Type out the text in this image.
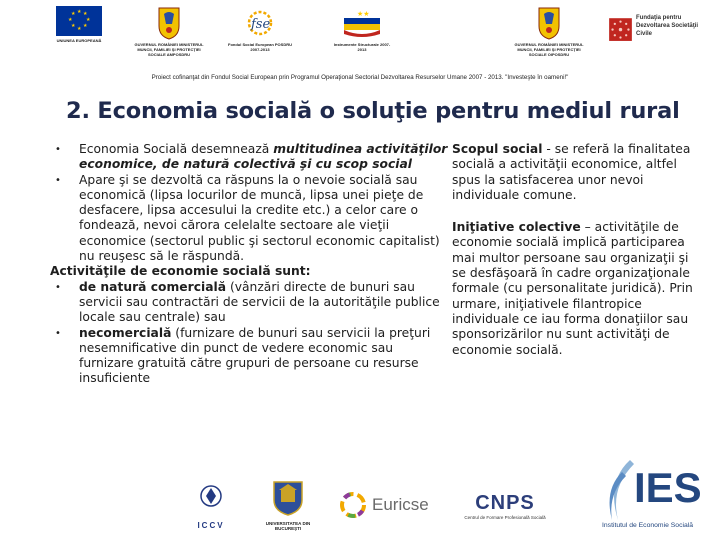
★ ★
★
★
★
★
★
★
UNIUNEA EUROPEANĂ
GUVERNUL ROMÂNIEI MINISTERUL MUNCII, FAMILIEI ŞI PROTECŢIEI SOCIALE AMPOSDRU
fse
Fondul Social European POSDRU 2007-2013
★★
Instrumente Structurale 2007-2013
GUVERNUL ROMÂNIEI MINISTERUL MUNCII, FAMILIEI ŞI PROTECŢIEI SOCIALE OIPOSDRU
Fundaţia pentru Dezvoltarea Societăţii Civile
Proiect cofinanţat din Fondul Social European prin Programul Operaţional Sectorial Dezvoltarea Resurselor Umane 2007 - 2013. "Investeşte în oameni!"
2. Economia socială o soluţie pentru mediul rural
• Economia Socială desemnează multitudinea activităţilor economice, de natură colectivă şi cu scop social
• Apare şi se dezvoltă ca răspuns la o nevoie socială sau economică (lipsa locurilor de muncă, lipsa unei pieţe de desfacere, lipsa accesului la credite etc.) a celor care o fondează, nevoi cărora celelalte sectoare ale vieţii economice (sectorul public şi sectorul economic capitalist) nu reuşesc să le răspundă.
Activităţile de economie socială sunt:
• de natură comercială (vânzări directe de bunuri sau servicii sau contractări de servicii de la autorităţile publice locale sau centrale) sau
• necomercială (furnizare de bunuri sau servicii la preţuri nesemnificative din punct de vedere economic sau furnizare gratuită către grupuri de persoane cu resurse insuficiente
Scopul social - se referă la finalitatea socială a activităţii economice, altfel spus la satisfacerea unor nevoi individuale comune.
Iniţiative colective – activităţile de economie socială implică participarea mai multor persoane sau organizaţii şi se desfăşoară în cadre organizaţionale formale (cu personalitate juridică). Prin urmare, iniţiativele filantropice individuale ce iau forma donaţiilor sau sponsorizărilor nu sunt activităţi de economie socială.
ICCV	UNIVERSITATEA DIN BUCUREŞTI
Euricse	CNPS
Centrul de Formare Profesională Socială
IES
Institutul de Economie Socială
